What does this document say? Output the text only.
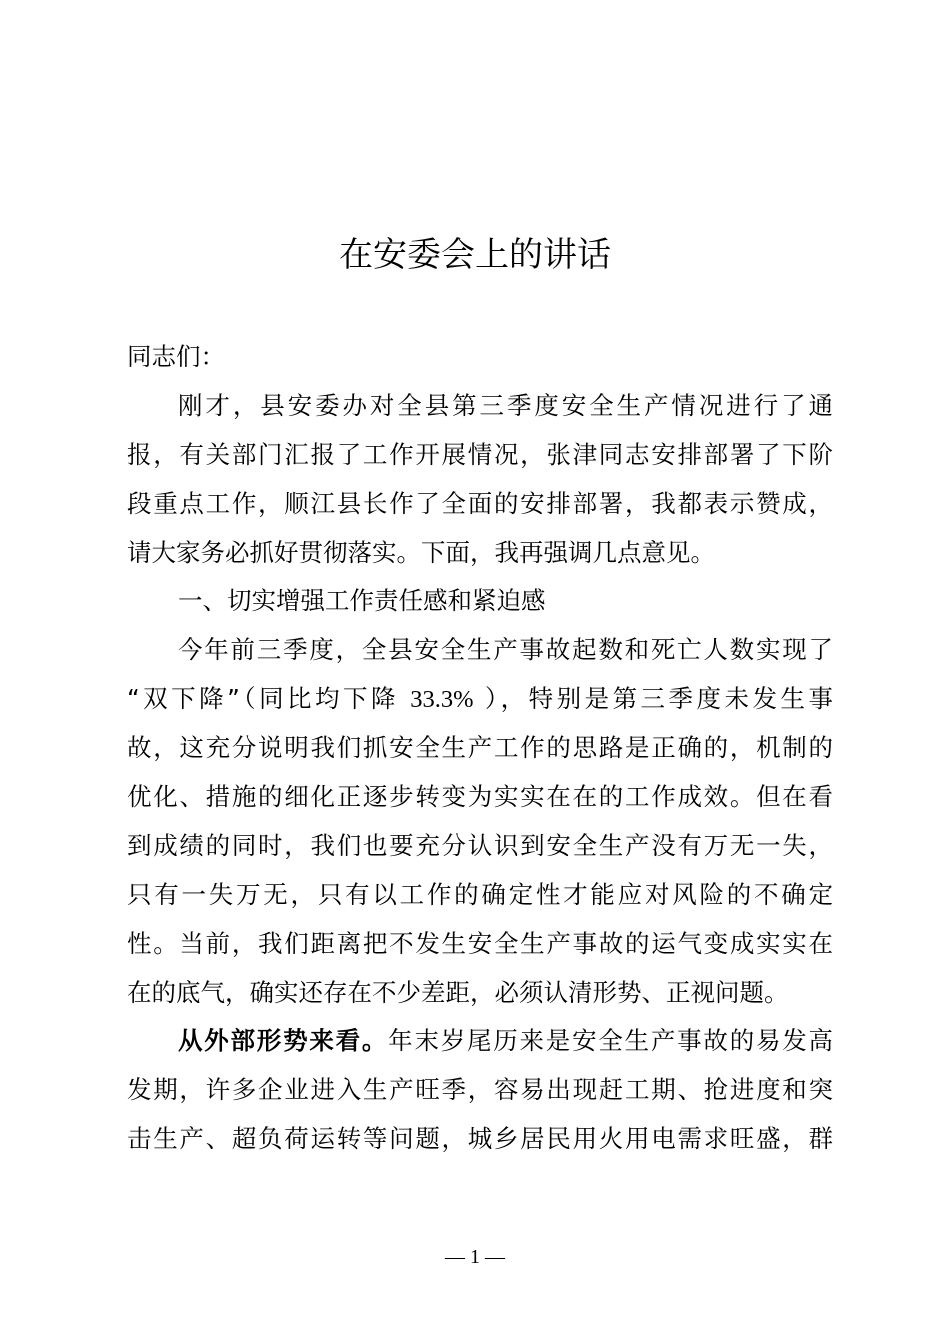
在安委会上的讲话
同志们：
刚才，县安委办对全县第三季度安全生产情况进行了通
报，有关部门汇报了工作开展情况，张津同志安排部署了下阶
段重点工作，顺江县长作了全面的安排部署，我都表示赞成，
请大家务必抓好贯彻落实。下面，我再强调几点意见。
一、切实增强工作责任感和紧迫感
今年前三季度，全县安全生产事故起数和死亡人数实现了
“双下降”（同比均下降 33.3% ），特别是第三季度未发生事
故，这充分说明我们抓安全生产工作的思路是正确的，机制的
优化、措施的细化正逐步转变为实实在在的工作成效。但在看
到成绩的同时，我们也要充分认识到安全生产没有万无一失，
只有一失万无，只有以工作的确定性才能应对风险的不确定
性。当前，我们距离把不发生安全生产事故的运气变成实实在
在的底气，确实还存在不少差距，必须认清形势、正视问题。
从外部形势来看。年末岁尾历来是安全生产事故的易发高
发期，许多企业进入生产旺季，容易出现赶工期、抢进度和突
击生产、超负荷运转等问题，城乡居民用火用电需求旺盛，群
— 1 —
